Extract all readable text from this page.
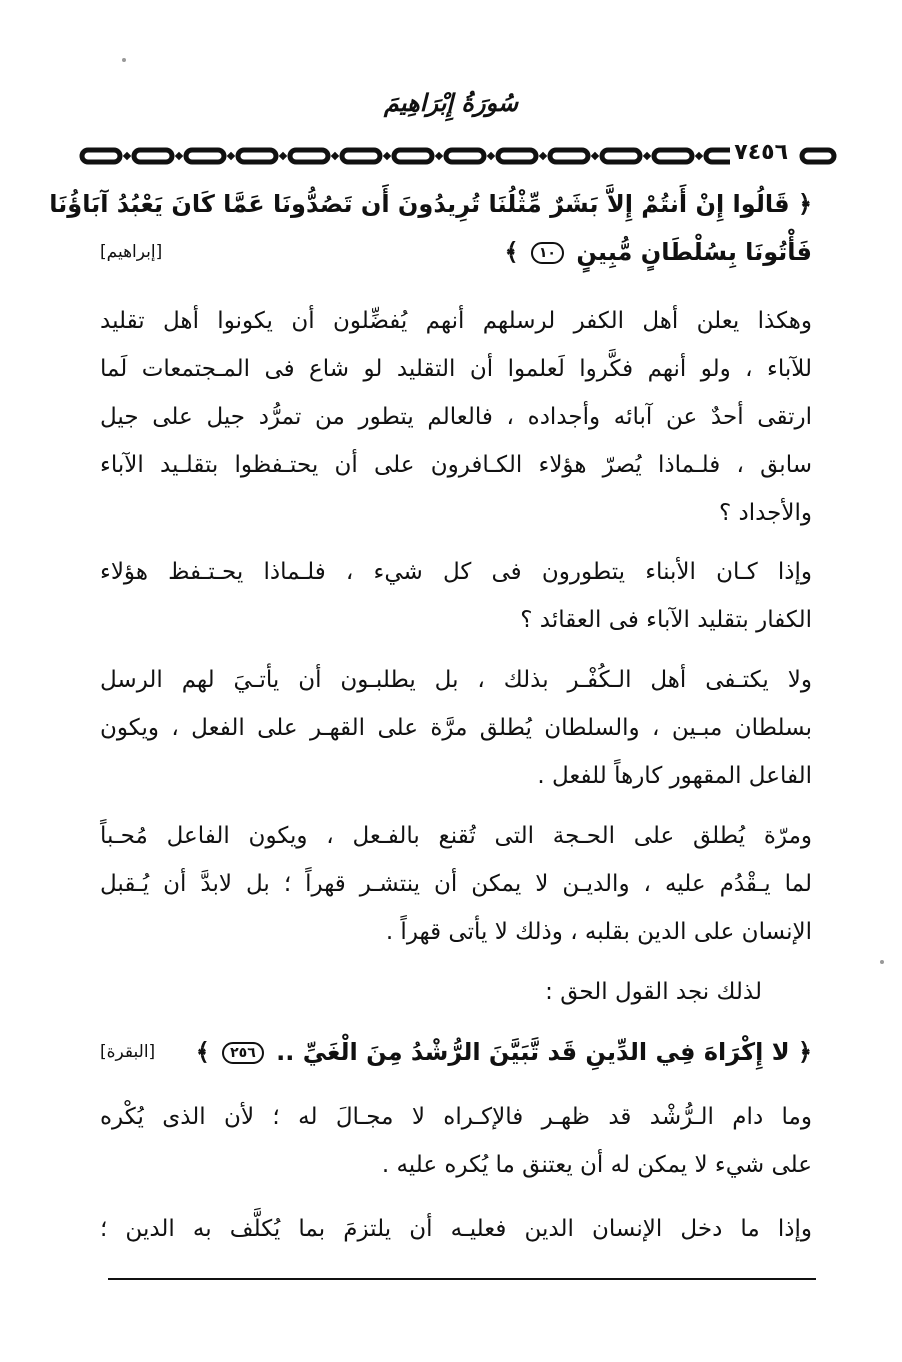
سُورَةُ إِبْرَاهِيمَ
٧٤٥٦
﴿ قَالُوا إِنْ أَنتُمْ إِلاَّ بَشَرٌ مِّثْلُنَا تُرِيدُونَ أَن تَصُدُّونَا عَمَّا كَانَ يَعْبُدُ آبَاؤُنَا
فَأْتُونَا بِسُلْطَانٍ مُّبِينٍ ١٠ ﴾
[إبراهيم]
وهكذا يعلن أهل الكفر لرسلهم أنهم يُفضِّلون أن يكونوا أهل تقليد
للآباء ، ولو أنهم فكَّروا لَعلموا أن التقليد لو شاع فى المـجتمعات لَما
ارتقى أحدٌ عن آبائه وأجداده ، فالعالم يتطور من تمرُّد جيل على جيل
سابق ، فلـماذا يُصرّ هؤلاء الكـافرون على أن يحتـفظوا بتقلـيد الآباء
والأجداد ؟
وإذا كـان الأبناء يتطورون فى كل شيء ، فلـماذا يحـتـفظ هؤلاء
الكفار بتقليد الآباء فى العقائد ؟
ولا يكتـفى أهل الـكُفْـر بذلك ، بل يطلبـون أن يأتـيَ لهم الرسل
بسلطان مبـين ، والسلطان يُطلق مرَّة على القهـر على الفعل ، ويكون
الفاعل المقهور كارهاً للفعل .
ومرّة يُطلق على الحـجة التى تُقنع بالفـعل ، ويكون الفاعل مُحـباً
لما يـقْدُم عليه ، والديـن لا يمكن أن ينتشـر قهراً ؛ بل لابدَّ أن يُـقبل
الإنسان على الدين بقلبه ، وذلك لا يأتى قهراً .
لذلك نجد القول الحق :
﴿ لا إِكْرَاهَ فِي الدِّينِ قَد تَّبَيَّنَ الرُّشْدُ مِنَ الْغَيِّ .. ٢٥٦ ﴾
[البقرة]
وما دام الـرُّشْد قد ظهـر فالإكـراه لا مجـالَ له ؛ لأن الذى يُكْره
على شيء لا يمكن له أن يعتنق ما يُكره عليه .
وإذا ما دخل الإنسان الدين فعليـه أن يلتزمَ بما يُكلَّف به الدين ؛
